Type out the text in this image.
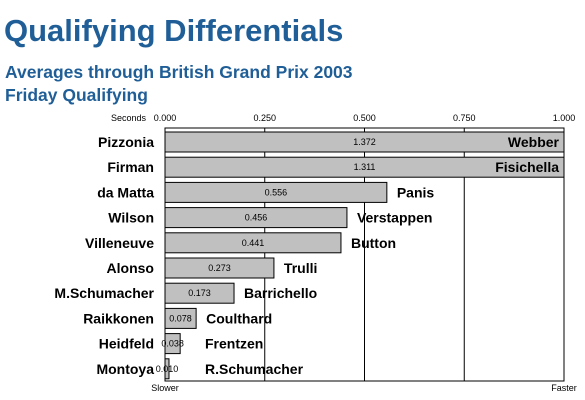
Qualifying Differentials
Averages through British Grand Prix 2003
Friday Qualifying
0.000	0.250	0.500	0.750	1.000
Seconds
Pizzonia	1.372	Webber
Firman	1.311	Fisichella
da Matta	0.556	Panis
Wilson	0.456	Verstappen
Villeneuve	0.441	Button
Alonso	0.273	Trulli
M.Schumacher	0.173 Barrichello
Raikkonen 0.078 Coulthard
Heidfeld 0.038 Frentzen
Montoya 0.010 R.Schumacher
Slower	Faster
